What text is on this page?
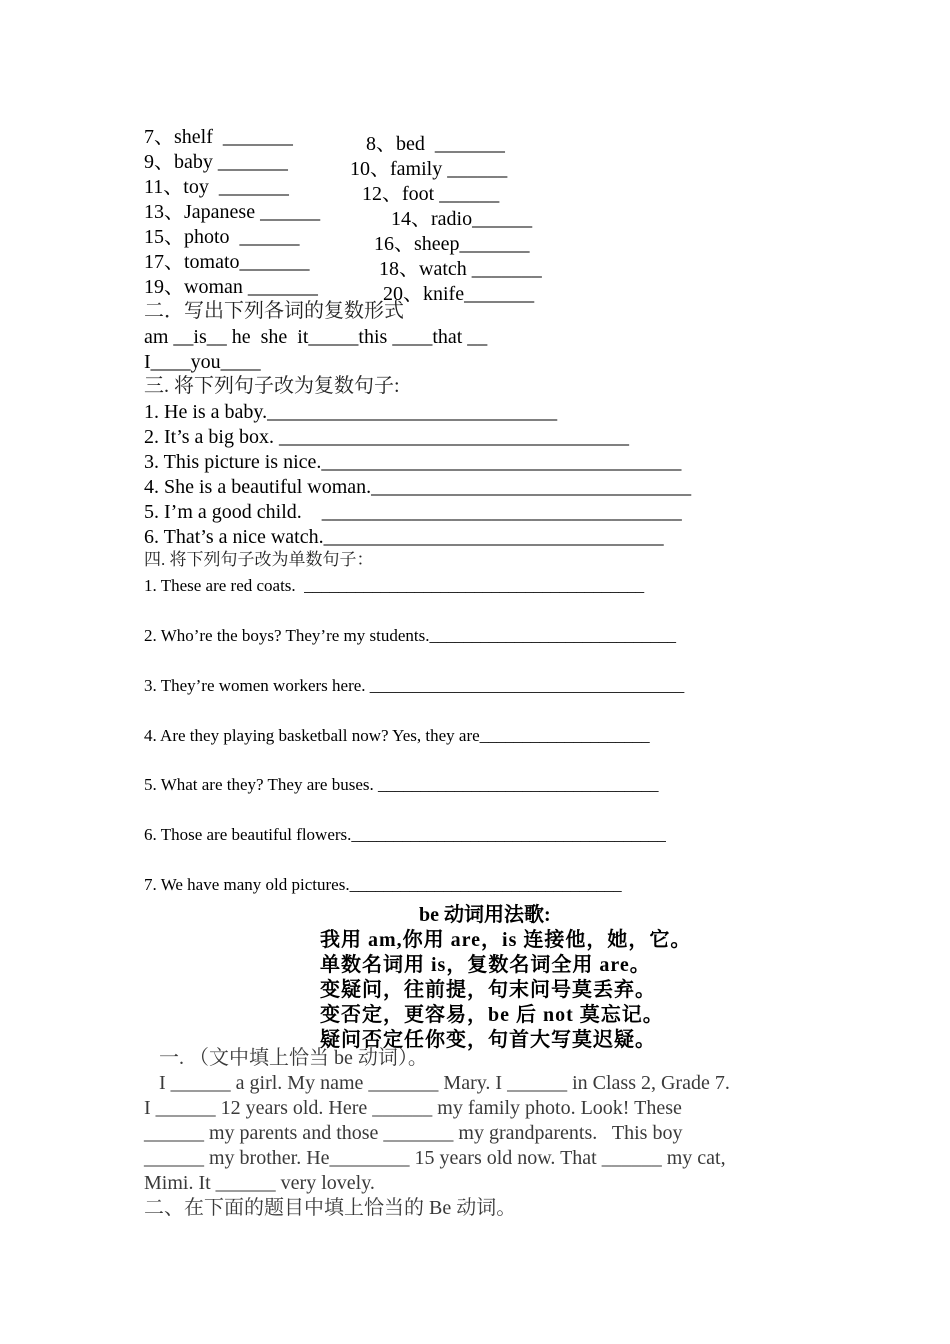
7、shelf  _______	8、bed  _______
9、baby _______	10、family ______
11、toy  _______	12、foot ______
13、Japanese ______	14、radio______
15、photo  ______	16、sheep_______
17、tomato_______	18、watch _______
19、woman _______	20、knife_______
二．写出下列各词的复数形式
am __is__ he  she  it_____this ____that __
I____you____
三. 将下列句子改为复数句子:
1. He is a baby._____________________________
2. It’s a big box. ___________________________________
3. This picture is nice.____________________________________
4. She is a beautiful woman.________________________________
5. I’m a good child.    ____________________________________
6. That’s a nice watch.__________________________________
四. 将下列句子改为单数句子：
1. These are red coats.  ________________________________________
2. Who’re the boys? They’re my students._____________________________
3. They’re women workers here. _____________________________________
4. Are they playing basketball now? Yes, they are____________________
5. What are they? They are buses. _________________________________
6. Those are beautiful flowers._____________________________________
7. We have many old pictures.________________________________
be 动词用法歌:
我用 am,你用 are，is 连接他，她，它。
单数名词用 is，复数名词全用 are。
变疑问，往前提，句末问号莫丢弃。
变否定，更容易，be 后 not 莫忘记。
疑问否定任你变，句首大写莫迟疑。
一. （文中填上恰当 be 动词）。
I ______ a girl. My name _______ Mary. I ______ in Class 2, Grade 7.
I ______ 12 years old. Here ______ my family photo. Look! These
______ my parents and those _______ my grandparents.   This boy
______ my brother. He________ 15 years old now. That ______ my cat,
Mimi. It ______ very lovely.
二、在下面的题目中填上恰当的 Be 动词。
